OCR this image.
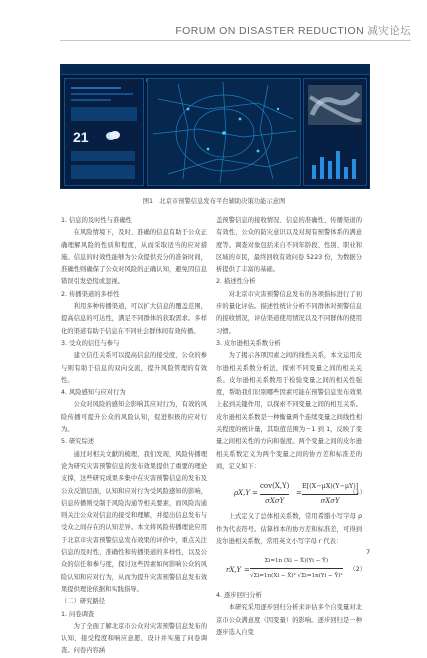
FORUM ON DISASTER REDUCTION 减灾论坛
21
图1　北京市预警信息发布平台辅助决策功能示意图

1. 信息的及时性与准确性

在风险情境下，及时、准确的信息有助于公众正确理解风险的性质和程度，从而采取适当的应对措施。信息的时效性能够为公众提供充分的准备时间，准确性则确保了公众对风险的正确认知，避免因信息错误引发恐慌或忽视。

2. 传播渠道的多样性

利用多种传播渠道，可以扩大信息的覆盖范围，提高信息的可达性，满足不同群体的获取需求。多样化的渠道有助于信息在不同社会群体间有效传播。

3. 受众的信任与参与

建立信任关系可以提高信息的接受度，公众的参与则有助于信息的双向交流，提升风险管理的有效性。

4. 风险感知与应对行为

公众对风险的感知会影响其应对行为，有效的风险传播可提升公众的风险认知，促进积极的应对行为。

5. 研究综述

通过对相关文献的梳理，我们发现，风险传播理论为研究灾害预警信息的发布效果提供了重要的理论支撑，这些研究成果多集中在灾害预警信息的发布及公众反馈层面，认知和应对行为受风险感知的影响，信息传播则受制于风险沟通等相关要素，而风险沟通则关注公众对信息的接受和理解，并提出信息发布与受众之间存在的认知差异。本文将风险传播理论应用于北京市灾害预警信息发布效果的评价中，重点关注信息的及时性、准确性和传播渠道的多样性，以及公众的信任和参与度，探讨这些因素如何影响公众的风险认知和应对行为，从而为提升灾害预警信息发布效果提供理论依据和实践指导。

（二）研究路径

1. 问卷调查

为了全面了解北京市公众对灾害预警信息发布的认知、接受程度和响应意愿，设计并实施了问卷调查。问卷内容涵

盖预警信息的接收情况、信息的准确性、传播渠道的有效性、公众的防灾意识以及对现有预警体系的满意度等。调查对象包括来自不同年龄段、性别、职业和区域的市民，最终回收有效问卷 5223 份，为数据分析提供了丰富的基础。

2. 描述性分析

对北京市灾害预警信息发布的各项指标进行了初步的量化评估。描述性统计分析不同群体对预警信息的接收情况，评估渠道使用情况以及不同群体的使用习惯。

3. 皮尔逊相关系数分析

为了揭示各项因素之间的线性关系，本文运用皮尔逊相关系数分析法，探索不同变量之间的相关关系。皮尔逊相关系数用于检验变量之间的相关性强度，帮助我们识别哪些因素可能在预警信息发布效果上起到关键作用，以探索不同变量之间的相互关系。皮尔逊相关系数是一种衡量两个连续变量之间线性相关程度的统计量，其取值范围为－1 到 1，反映了变量之间相关性的方向和强度。两个变量之间的皮尔逊相关系数定义为两个变量之间的协方差和标准差的商，定义如下：

ρX,Y =
cov(X,Y)
σXσY
=
E[(X−μX)(Y−μY)]
σXσY
（1）

上式定义了总体相关系数，常用希腊小写字母 ρ 作为代表符号。估算样本的协方差和标准差，可得到皮尔逊相关系数，常用英文小写字母 r 代表：

rX,Y =
Σi=1n (Xi − X̄)(Yi − Ȳ)
√Σi=1n(Xi − X̄)² √Σi=1n(Yi − Ȳ)²
（2）

4. 逐步回归分析

本研究采用逐步回归分析来评估多个自变量对北京市公众满意度（因变量）的影响。逐步回归是一种逐步选入自变

7
